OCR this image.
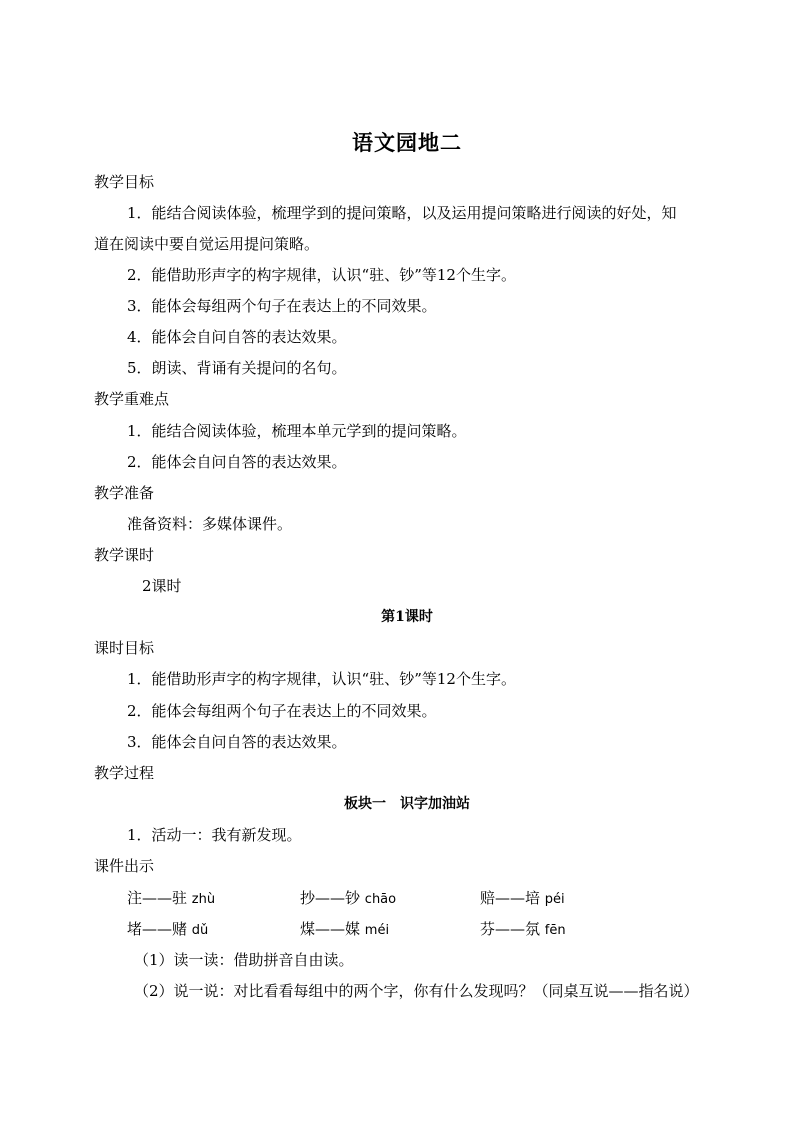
语文园地二
教学目标
1．能结合阅读体验，梳理学到的提问策略，以及运用提问策略进行阅读的好处，知
道在阅读中要自觉运用提问策略。
2．能借助形声字的构字规律，认识“驻、钞”等12个生字。
3．能体会每组两个句子在表达上的不同效果。
4．能体会自问自答的表达效果。
5．朗读、背诵有关提问的名句。
教学重难点
1．能结合阅读体验，梳理本单元学到的提问策略。
2．能体会自问自答的表达效果。
教学准备
准备资料：多媒体课件。
教学课时
2课时
第1课时
课时目标
1．能借助形声字的构字规律，认识“驻、钞”等12个生字。
2．能体会每组两个句子在表达上的不同效果。
3．能体会自问自答的表达效果。
教学过程
板块一　识字加油站
1．活动一：我有新发现。
课件出示
注——驻 zhù	抄——钞 chāo	赔——培 péi
堵——赌 dǔ	煤——媒 méi	芬——氛 fēn
（1）读一读：借助拼音自由读。
（2）说一说：对比看看每组中的两个字，你有什么发现吗？（同桌互说——指名说）
